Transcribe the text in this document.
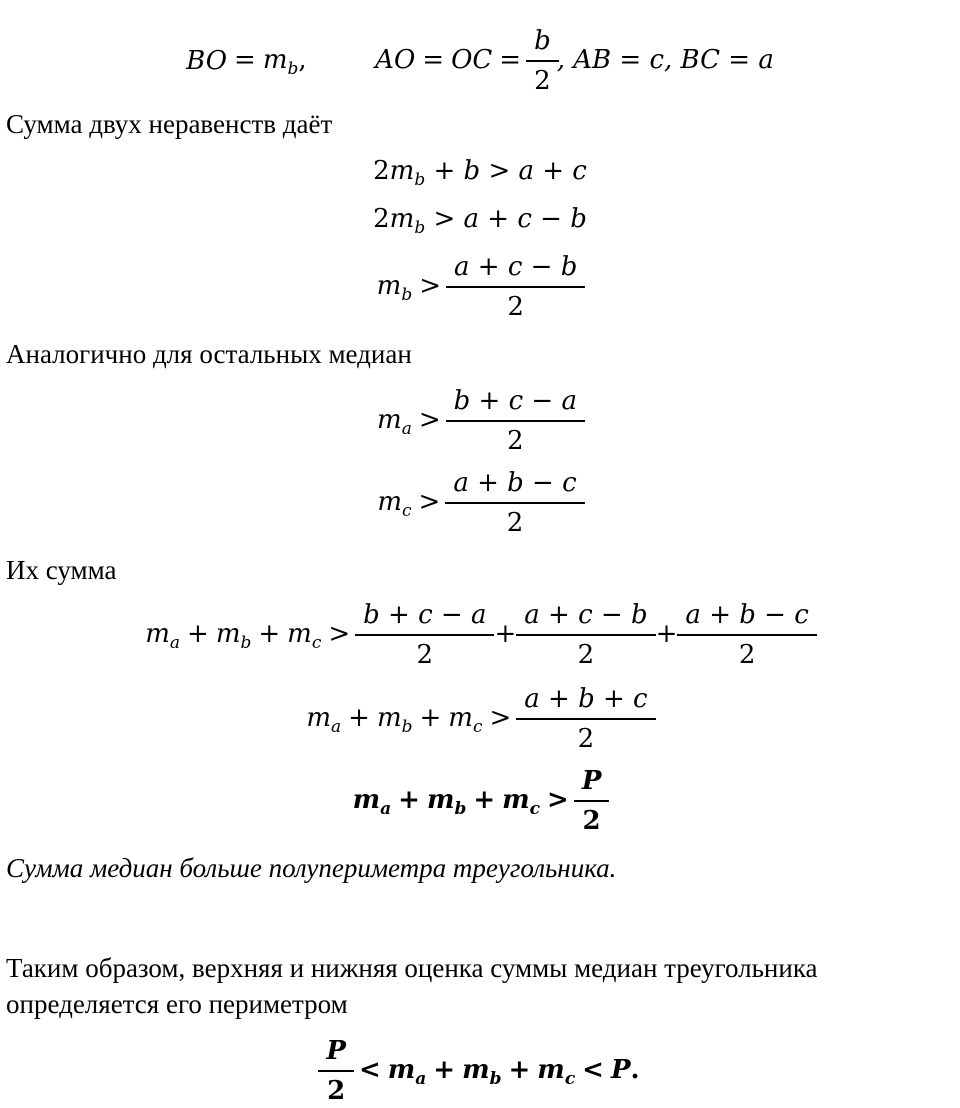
BO = $m_b$,	AO = OC = $\frac{b}{2}$ , AB = c, BC = a
Сумма двух неравенств даёт
$2m_b + b > a + c$
$2m_b > a + c - b$
$m_b > \frac{a + c - b}{2}$
Аналогично для остальных медиан
$m_a > \frac{b + c - a}{2}$
$m_c > \frac{a + b - c}{2}$
Их сумма
$m_a + m_b + m_c > \frac{b + c - a}{2} + \frac{a + c - b}{2} + \frac{a + b - c}{2}$
$m_a + m_b + m_c > \frac{a + b + c}{2}$
$m_a + m_b + m_c > \frac{P}{2}$
Сумма медиан больше полупериметра треугольника.
Таким образом, верхняя и нижняя оценка суммы медиан треугольника определяется его периметром
$\frac{P}{2} < m_a + m_b + m_c < P$.
